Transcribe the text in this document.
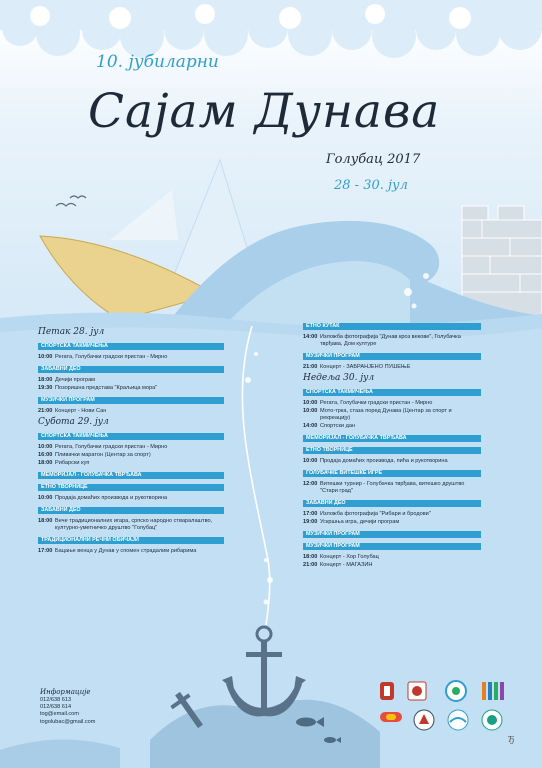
10. јубиларни
Сајам Дунава
Голубац 2017
28 - 30. јул
Петак 28. јул
СПОРТСКА ТАКМИЧЕЊА
10:00 Регата, Голубачки градски пристан - Мирно
ЗАБАВНИ ДЕО
18:00 Дечији програм
19:30 Позоришна представа "Краљица мора"
МУЗИЧКИ ПРОГРАМ
21:00 Концерт - Нови Сан
Субота 29. јул
СПОРТСКА ТАКМИЧЕЊА
10:00 Регата, Голубачки градски пристан - Мирно
16:00 Пливачки маратон (Центар за спорт)
18:00 Рибарски куп
МЕМОРИЈАЛ - ГОЛУБАЧКА ТВРЂАВА
ЕТНО ТВОРНИЦЕ
10:00 Продаја домаћих производа и рукотворина
ЗАБАВНИ ДЕО
18:00 Вече традиционалних игара, српско народно стваралаштво, културно-уметничко друштво "Голубац"
ТРАДИЦИОНАЛНИ РЕЧНИ ОБИЧАЈИ
17:00 Бацање венца у Дунав у спомен страдалим рибарима
ЕТНО КУТАК
14:00 Изложба фотографија "Дунав кроз векове", Голубачка тврђава, Дом културе
МУЗИЧКИ ПРОГРАМ
21:00 Концерт - ЗАБРАНЈЕНО ПУШЕЊЕ
Недеља 30. јул
СПОРТСКА ТАКМИЧЕЊА
10:00 Регата, Голубачки градски пристан - Мирно
10:00 Мото-трка, стаза поред Дунава (Центар за спорт и рекреацију)
14:00 Спортски дан
МЕМОРИЈАЛ - ГОЛУБАЧКА ТВРЂАВА
ЕТНО ТВОРНИЦЕ
10:00 Продаја домаћих производа, пића и рукотворина
ГОЛУБАЧКЕ ВИТЕШКЕ ИГРЕ
12:00 Витешки турнир - Голубачка тврђава, витешко друштво "Стари град"
ЗАБАВНИ ДЕО
17:00 Изложба фотографија "Рибари и бродови"
19:00 Ускршња игра, дечији програм
МУЗИЧКИ ПРОГРАМ
МУЗИЧКИ ПРОГРАМ
18:00 Концерт - Хор Голубац
21:00 Концерт - МАГАЗИН
Информације
012/638 613
012/638 614
tog@email.com
togolubac@gmail.com
Ђ
